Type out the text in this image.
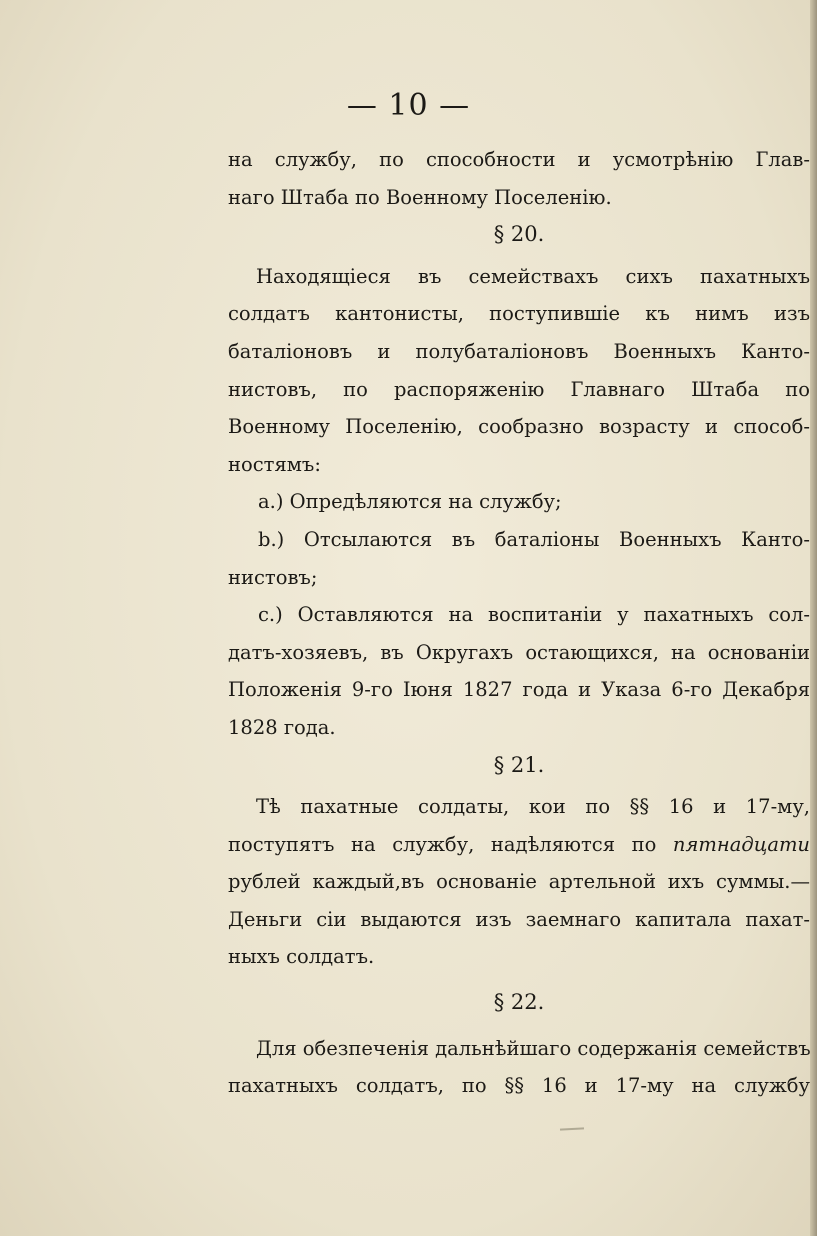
— 10 —
на службу, по способности и усмотрѣнію Глав-
наго Штаба по Военному Поселенію.
§ 20.
Находящіеся въ семействахъ сихъ пахатныхъ
солдатъ кантонисты, поступившіе къ нимъ изъ
баталіоновъ и полубаталіоновъ Военныхъ Канто-
нистовъ, по распоряженію Главнаго Штаба по
Военному Поселенію, сообразно возрасту и способ-
ностямъ:
а.) Опредѣляются на службу;
b.) Отсылаются въ баталіоны Военныхъ Канто-
нистовъ;
с.) Оставляются на воспитаніи у пахатныхъ сол-
датъ-хозяевъ, въ Округахъ остающихся, на основаніи
Положенія 9-го Іюня 1827 года и Указа 6-го Декабря
1828 года.
§ 21.
Тѣ пахатные солдаты, кои по §§ 16 и 17-му,
поступятъ на службу, надѣляются по пятнадцати
рублей каждый,въ основаніе артельной ихъ суммы.—
Деньги сіи выдаются изъ заемнаго капитала пахат-
ныхъ солдатъ.
§ 22.
Для обезпеченія дальнѣйшаго содержанія семействъ
пахатныхъ солдатъ, по §§ 16 и 17-му на службу
